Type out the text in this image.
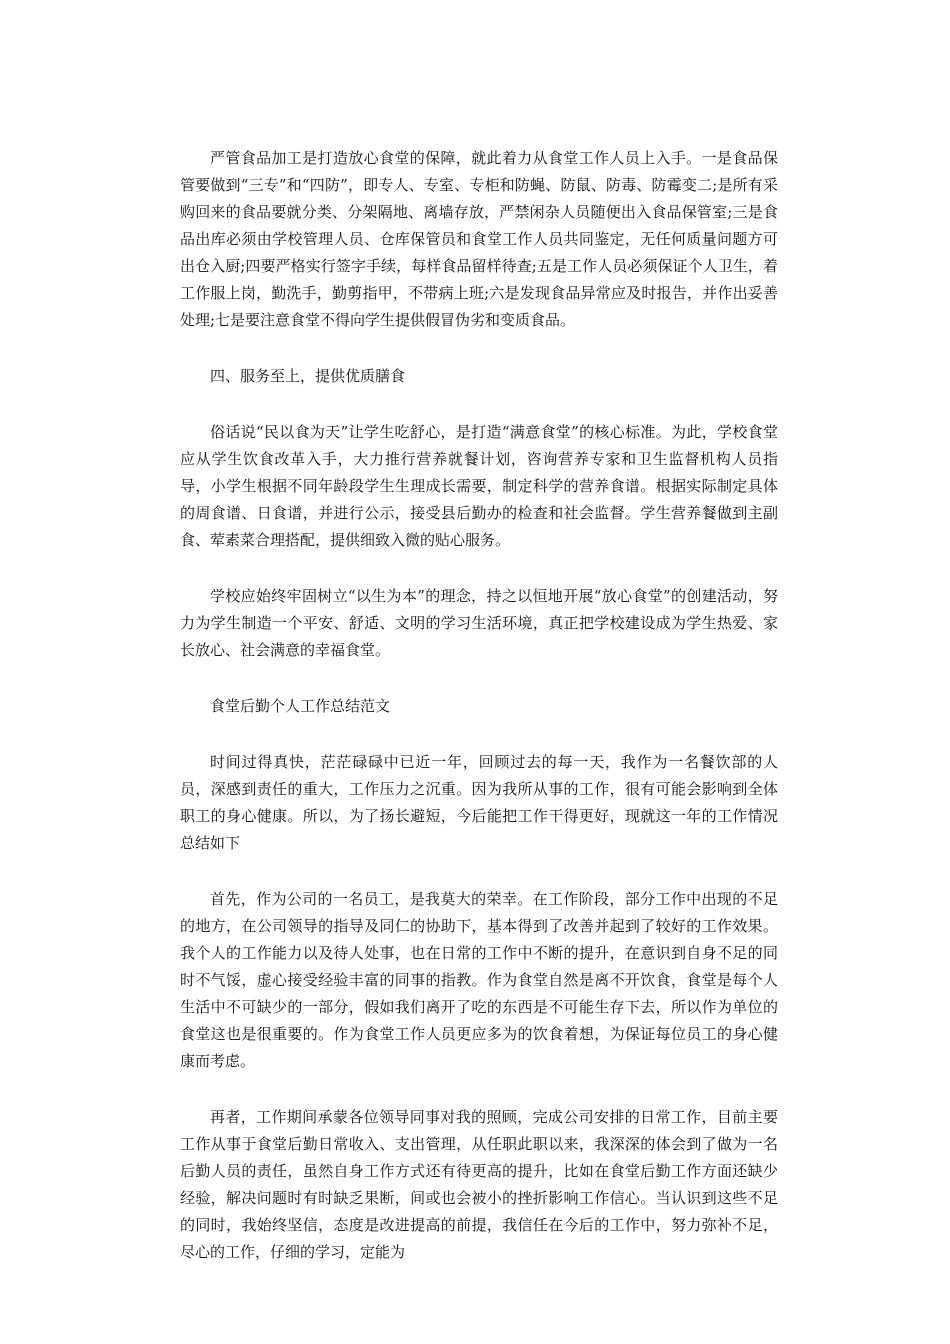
严管食品加工是打造放心食堂的保障，就此着力从食堂工作人员上入手。一是食品保管要做到“三专”和“四防”，即专人、专室、专柜和防蝇、防鼠、防毒、防霉变二;是所有采购回来的食品要就分类、分架隔地、离墙存放，严禁闲杂人员随便出入食品保管室;三是食品出库必须由学校管理人员、仓库保管员和食堂工作人员共同鉴定，无任何质量问题方可出仓入厨;四要严格实行签字手续，每样食品留样待查;五是工作人员必须保证个人卫生，着工作服上岗，勤洗手，勤剪指甲，不带病上班;六是发现食品异常应及时报告，并作出妥善处理;七是要注意食堂不得向学生提供假冒伪劣和变质食品。

四、服务至上，提供优质膳食

俗话说“民以食为天”让学生吃舒心，是打造“满意食堂”的核心标准。为此，学校食堂应从学生饮食改革入手，大力推行营养就餐计划，咨询营养专家和卫生监督机构人员指导，小学生根据不同年龄段学生生理成长需要，制定科学的营养食谱。根据实际制定具体的周食谱、日食谱，并进行公示，接受县后勤办的检查和社会监督。学生营养餐做到主副食、荤素菜合理搭配，提供细致入微的贴心服务。

学校应始终牢固树立“以生为本”的理念，持之以恒地开展“放心食堂”的创建活动，努力为学生制造一个平安、舒适、文明的学习生活环境，真正把学校建设成为学生热爱、家长放心、社会满意的幸福食堂。

食堂后勤个人工作总结范文

时间过得真快，茫茫碌碌中已近一年，回顾过去的每一天，我作为一名餐饮部的人员，深感到责任的重大，工作压力之沉重。因为我所从事的工作，很有可能会影响到全体职工的身心健康。所以，为了扬长避短，今后能把工作干得更好，现就这一年的工作情况总结如下

首先，作为公司的一名员工，是我莫大的荣幸。在工作阶段，部分工作中出现的不足的地方，在公司领导的指导及同仁的协助下，基本得到了改善并起到了较好的工作效果。我个人的工作能力以及待人处事，也在日常的工作中不断的提升，在意识到自身不足的同时不气馁，虚心接受经验丰富的同事的指教。作为食堂自然是离不开饮食，食堂是每个人生活中不可缺少的一部分，假如我们离开了吃的东西是不可能生存下去，所以作为单位的食堂这也是很重要的。作为食堂工作人员更应多为的饮食着想，为保证每位员工的身心健康而考虑。

再者，工作期间承蒙各位领导同事对我的照顾，完成公司安排的日常工作，目前主要工作从事于食堂后勤日常收入、支出管理，从任职此职以来，我深深的体会到了做为一名后勤人员的责任，虽然自身工作方式还有待更高的提升，比如在食堂后勤工作方面还缺少经验，解决问题时有时缺乏果断，间或也会被小的挫折影响工作信心。当认识到这些不足的同时，我始终坚信，态度是改进提高的前提，我信任在今后的工作中，努力弥补不足，尽心的工作，仔细的学习，定能为
